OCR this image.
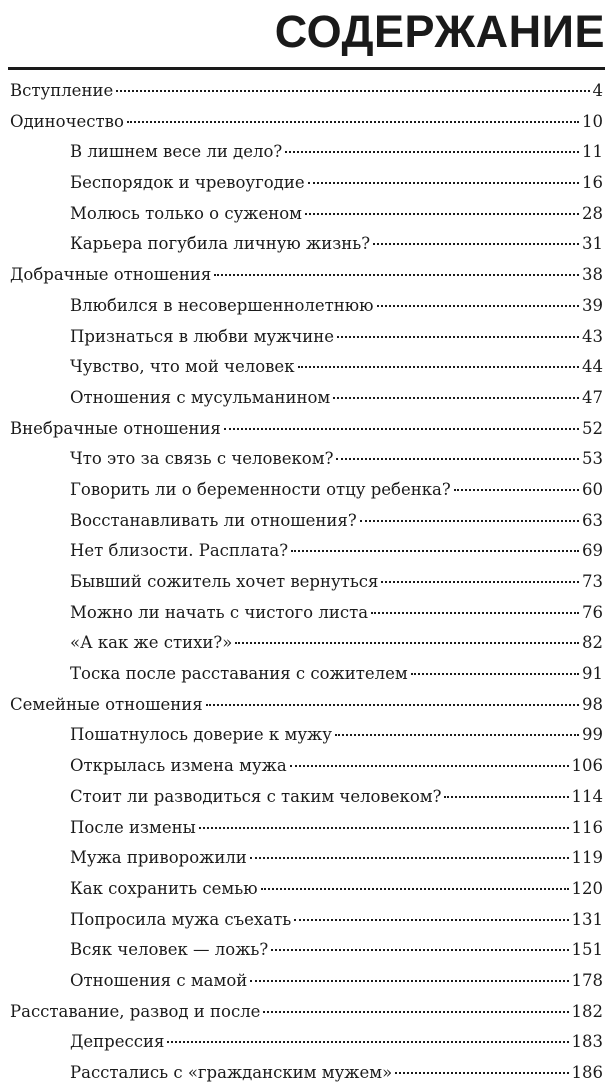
СОДЕРЖАНИЕ
Вступление	4
Одиночество	10
В лишнем весе ли дело?	11
Беспорядок и чревоугодие	16
Молюсь только о суженом	28
Карьера погубила личную жизнь?	31
Добрачные отношения	38
Влюбился в несовершеннолетнюю	39
Признаться в любви мужчине	43
Чувство, что мой человек	44
Отношения с мусульманином	47
Внебрачные отношения	52
Что это за связь с человеком?	53
Говорить ли о беременности отцу ребенка?	60
Восстанавливать ли отношения?	63
Нет близости. Расплата?	69
Бывший сожитель хочет вернуться	73
Можно ли начать с чистого листа	76
«А как же стихи?»	82
Тоска после расставания с сожителем	91
Семейные отношения	98
Пошатнулось доверие к мужу	99
Открылась измена мужа	106
Стоит ли разводиться с таким человеком?	114
После измены	116
Мужа приворожили	119
Как сохранить семью	120
Попросила мужа съехать	131
Всяк человек — ложь?	151
Отношения с мамой	178
Расставание, развод и после	182
Депрессия	183
Расстались с «гражданским мужем»	186
